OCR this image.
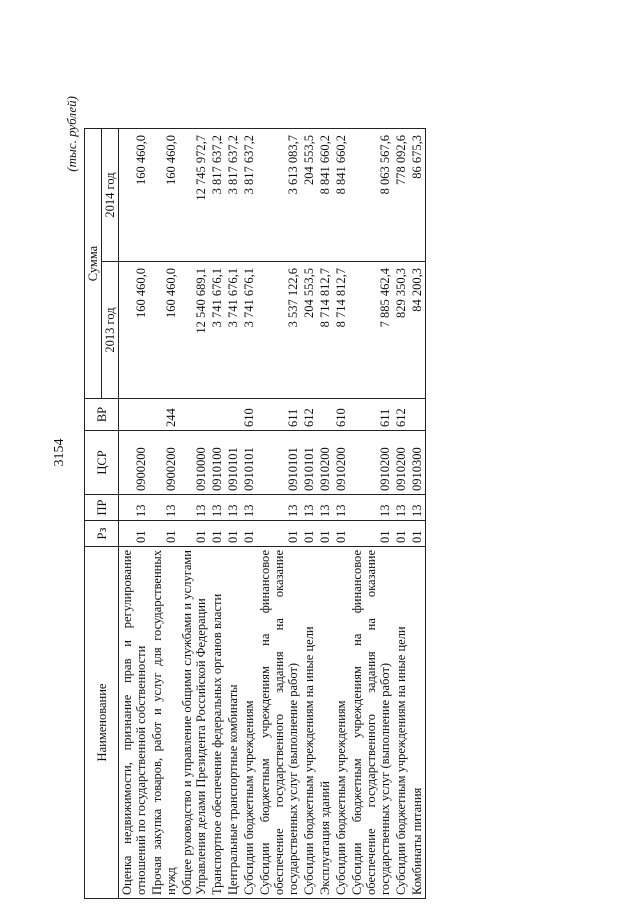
3154
(тыс. рублей)
Наименование	Рз	ПР	ЦСР	ВР	Сумма	
					2013 год	2014 год
Оценка недвижимости, признание прав и регулирование отношений по государственной собственности	01	13	0900200		160 460,0	160 460,0
Прочая закупка товаров, работ и услуг для государственных нужд	01	13	0900200	244	160 460,0	160 460,0
Общее руководство и управление общими службами и услугами Управления делами Президента Российской Федерации	01	13	0910000		12 540 689,1	12 745 972,7
Транспортное обеспечение федеральных органов власти	01	13	0910100		3 741 676,1	3 817 637,2
Центральные транспортные комбинаты	01	13	0910101		3 741 676,1	3 817 637,2
Субсидии бюджетным учреждениям	01	13	0910101	610	3 741 676,1	3 817 637,2
Субсидии бюджетным учреждениям на финансовое обеспечение государственного задания на оказание государственных услуг (выполнение работ)	01	13	0910101	611	3 537 122,6	3 613 083,7
Субсидии бюджетным учреждениям на иные цели	01	13	0910101	612	204 553,5	204 553,5
Эксплуатация зданий	01	13	0910200		8 714 812,7	8 841 660,2
Субсидии бюджетным учреждениям	01	13	0910200	610	8 714 812,7	8 841 660,2
Субсидии бюджетным учреждениям на финансовое обеспечение государственного задания на оказание государственных услуг (выполнение работ)	01	13	0910200	611	7 885 462,4	8 063 567,6
Субсидии бюджетным учреждениям на иные цели	01	13	0910200	612	829 350,3	778 092,6
Комбинаты питания	01	13	0910300		84 200,3	86 675,3
